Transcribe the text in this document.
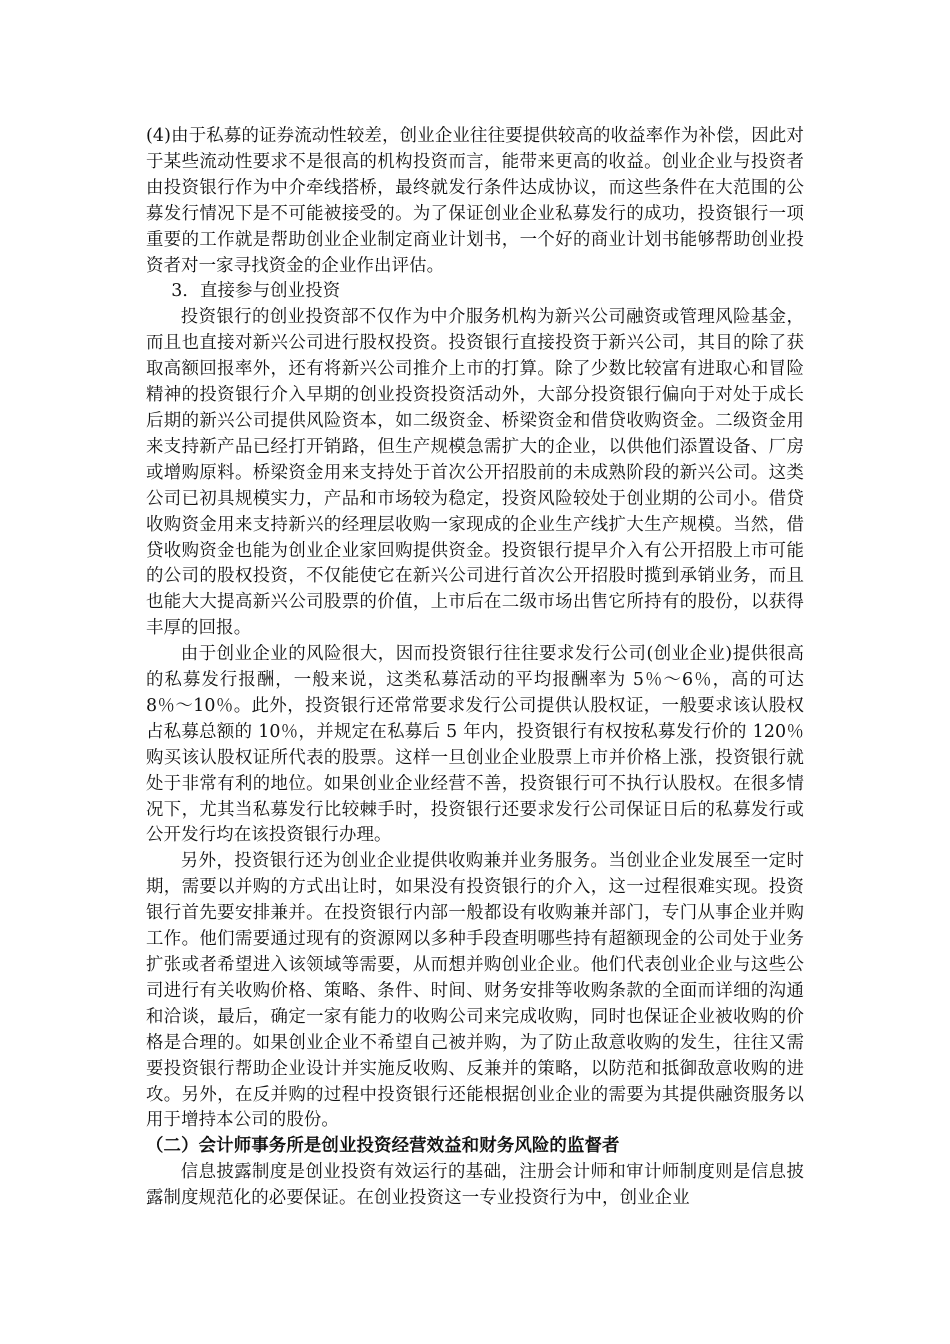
(4)由于私募的证券流动性较差，创业企业往往要提供较高的收益率作为补偿，因此对于某些流动性要求不是很高的机构投资而言，能带来更高的收益。创业企业与投资者由投资银行作为中介牵线搭桥，最终就发行条件达成协议，而这些条件在大范围的公募发行情况下是不可能被接受的。为了保证创业企业私募发行的成功，投资银行一项重要的工作就是帮助创业企业制定商业计划书，一个好的商业计划书能够帮助创业投资者对一家寻找资金的企业作出评估。

3．直接参与创业投资

投资银行的创业投资部不仅作为中介服务机构为新兴公司融资或管理风险基金，而且也直接对新兴公司进行股权投资。投资银行直接投资于新兴公司，其目的除了获取高额回报率外，还有将新兴公司推介上市的打算。除了少数比较富有进取心和冒险精神的投资银行介入早期的创业投资投资活动外，大部分投资银行偏向于对处于成长后期的新兴公司提供风险资本，如二级资金、桥梁资金和借贷收购资金。二级资金用来支持新产品已经打开销路，但生产规模急需扩大的企业，以供他们添置设备、厂房或增购原料。桥梁资金用来支持处于首次公开招股前的未成熟阶段的新兴公司。这类公司已初具规模实力，产品和市场较为稳定，投资风险较处于创业期的公司小。借贷收购资金用来支持新兴的经理层收购一家现成的企业生产线扩大生产规模。当然，借贷收购资金也能为创业企业家回购提供资金。投资银行提早介入有公开招股上市可能的公司的股权投资，不仅能使它在新兴公司进行首次公开招股时揽到承销业务，而且也能大大提高新兴公司股票的价值，上市后在二级市场出售它所持有的股份，以获得丰厚的回报。

由于创业企业的风险很大，因而投资银行往往要求发行公司(创业企业)提供很高的私募发行报酬，一般来说，这类私募活动的平均报酬率为 5％～6％，高的可达 8％～10％。此外，投资银行还常常要求发行公司提供认股权证，一般要求该认股权占私募总额的 10％，并规定在私募后 5 年内，投资银行有权按私募发行价的 120％购买该认股权证所代表的股票。这样一旦创业企业股票上市并价格上涨，投资银行就处于非常有利的地位。如果创业企业经营不善，投资银行可不执行认股权。在很多情况下，尤其当私募发行比较棘手时，投资银行还要求发行公司保证日后的私募发行或公开发行均在该投资银行办理。

另外，投资银行还为创业企业提供收购兼并业务服务。当创业企业发展至一定时期，需要以并购的方式出让时，如果没有投资银行的介入，这一过程很难实现。投资银行首先要安排兼并。在投资银行内部一般都设有收购兼并部门，专门从事企业并购工作。他们需要通过现有的资源网以多种手段查明哪些持有超额现金的公司处于业务扩张或者希望进入该领域等需要，从而想并购创业企业。他们代表创业企业与这些公司进行有关收购价格、策略、条件、时间、财务安排等收购条款的全面而详细的沟通和洽谈，最后，确定一家有能力的收购公司来完成收购，同时也保证企业被收购的价格是合理的。如果创业企业不希望自己被并购，为了防止敌意收购的发生，往往又需要投资银行帮助企业设计并实施反收购、反兼并的策略，以防范和抵御敌意收购的进攻。另外，在反并购的过程中投资银行还能根据创业企业的需要为其提供融资服务以用于增持本公司的股份。

（二）会计师事务所是创业投资经营效益和财务风险的监督者

信息披露制度是创业投资有效运行的基础，注册会计师和审计师制度则是信息披露制度规范化的必要保证。在创业投资这一专业投资行为中，创业企业
